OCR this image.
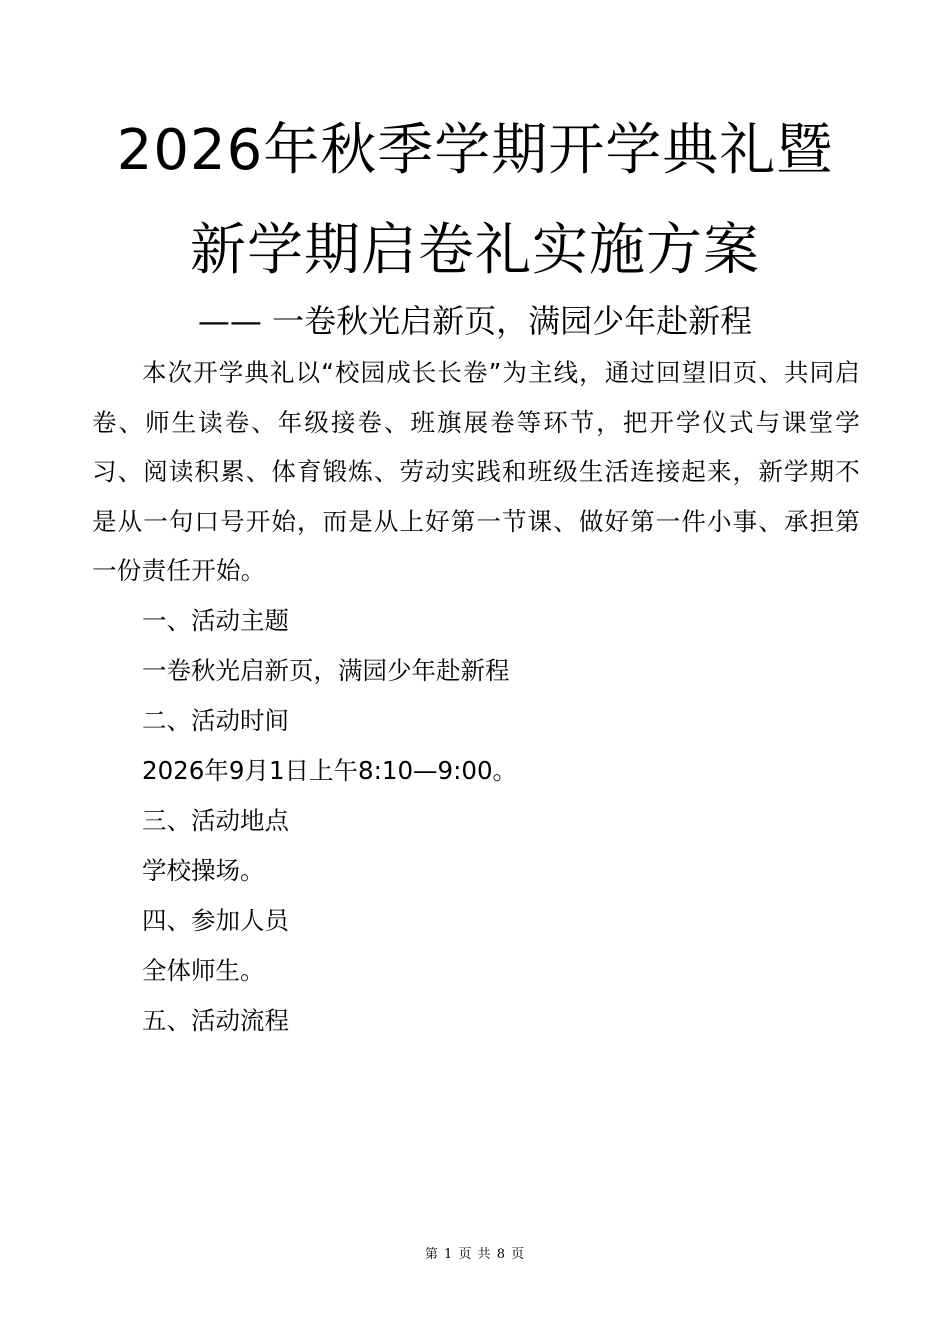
2026年秋季学期开学典礼暨
新学期启卷礼实施方案
—— 一卷秋光启新页，满园少年赴新程
本次开学典礼以“校园成长长卷”为主线，通过回望旧页、共同启卷、师生读卷、年级接卷、班旗展卷等环节，把开学仪式与课堂学习、阅读积累、体育锻炼、劳动实践和班级生活连接起来，新学期不是从一句口号开始，而是从上好第一节课、做好第一件小事、承担第一份责任开始。
一、活动主题
一卷秋光启新页，满园少年赴新程
二、活动时间
2026年9月1日上午8:10—9:00。
三、活动地点
学校操场。
四、参加人员
全体师生。
五、活动流程
第 1 页 共 8 页
